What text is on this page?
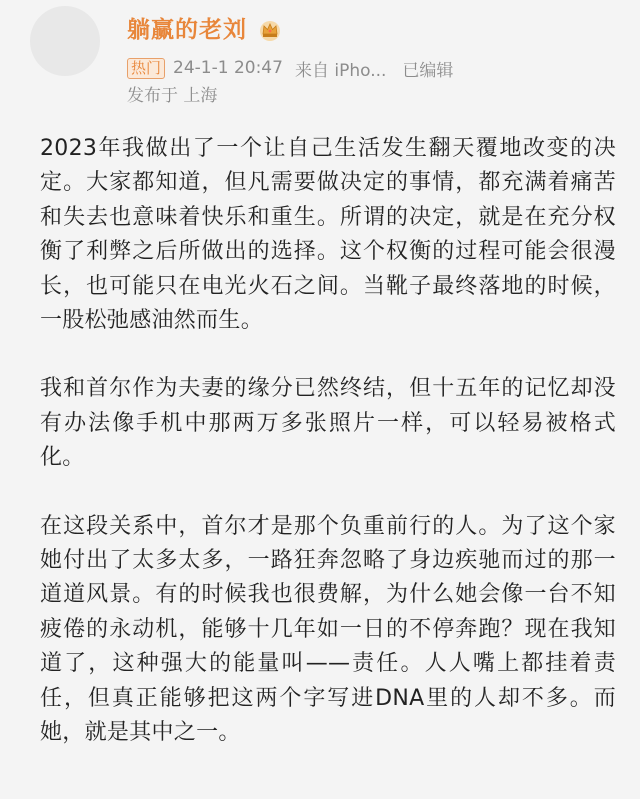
躺赢的老刘
热门 24-1-1 20:47 来自 iPho... 已编辑
发布于 上海

2023年我做出了一个让自己生活发生翻天覆地改变的决定。大家都知道，但凡需要做决定的事情，都充满着痛苦和失去也意味着快乐和重生。所谓的决定，就是在充分权衡了利弊之后所做出的选择。这个权衡的过程可能会很漫长，也可能只在电光火石之间。当靴子最终落地的时候，一股松弛感油然而生。

我和首尔作为夫妻的缘分已然终结，但十五年的记忆却没有办法像手机中那两万多张照片一样，可以轻易被格式化。

在这段关系中，首尔才是那个负重前行的人。为了这个家她付出了太多太多，一路狂奔忽略了身边疾驰而过的那一道道风景。有的时候我也很费解，为什么她会像一台不知疲倦的永动机，能够十几年如一日的不停奔跑？现在我知道了，这种强大的能量叫——责任。人人嘴上都挂着责任，但真正能够把这两个字写进DNA里的人却不多。而她，就是其中之一。
